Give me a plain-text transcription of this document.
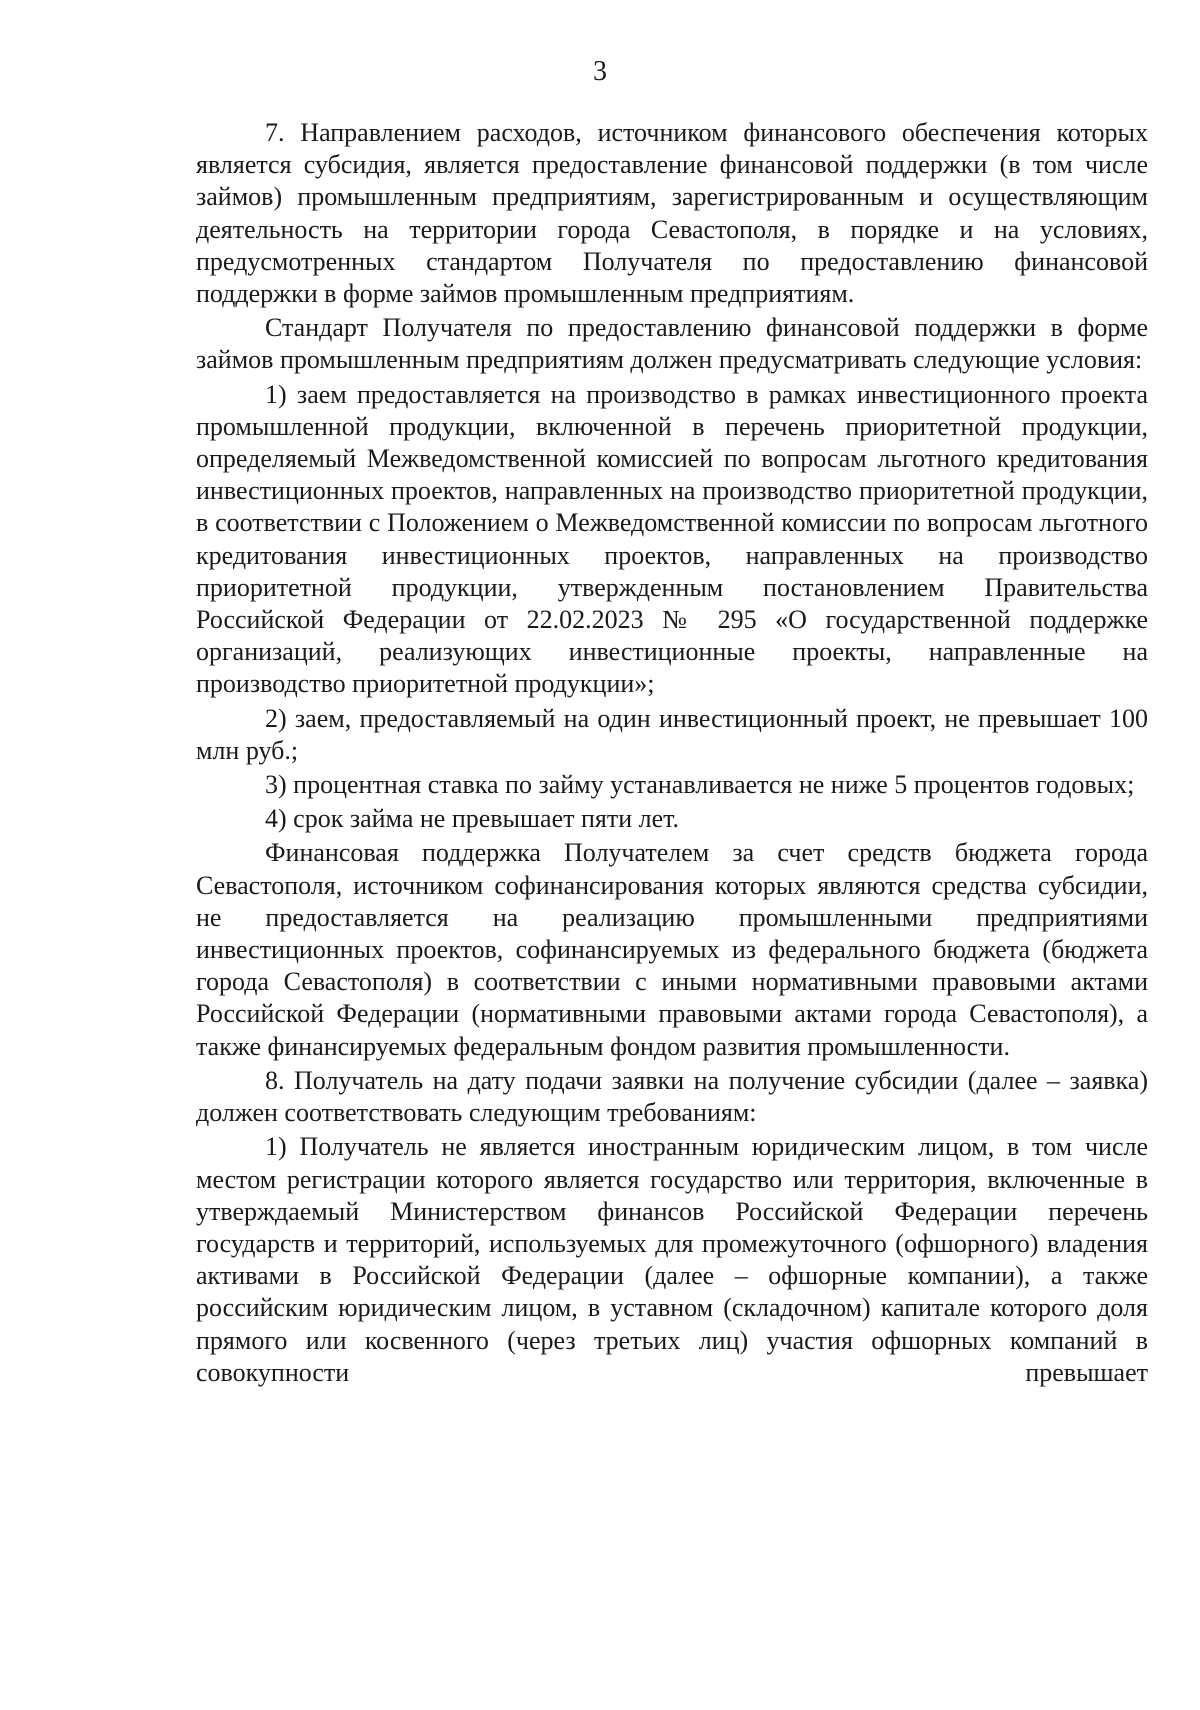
3

7. Направлением расходов, источником финансового обеспечения которых является субсидия, является предоставление финансовой поддержки (в том числе займов) промышленным предприятиям, зарегистрированным и осуществляющим деятельность на территории города Севастополя, в порядке и на условиях, предусмотренных стандартом Получателя по предоставлению финансовой поддержки в форме займов промышленным предприятиям.

Стандарт Получателя по предоставлению финансовой поддержки в форме займов промышленным предприятиям должен предусматривать следующие условия:

1) заем предоставляется на производство в рамках инвестиционного проекта промышленной продукции, включенной в перечень приоритетной продукции, определяемый Межведомственной комиссией по вопросам льготного кредитования инвестиционных проектов, направленных на производство приоритетной продукции, в соответствии с Положением о Межведомственной комиссии по вопросам льготного кредитования инвестиционных проектов, направленных на производство приоритетной продукции, утвержденным постановлением Правительства Российской Федерации от 22.02.2023 № 295 «О государственной поддержке организаций, реализующих инвестиционные проекты, направленные на производство приоритетной продукции»;

2) заем, предоставляемый на один инвестиционный проект, не превышает 100 млн руб.;

3) процентная ставка по займу устанавливается не ниже 5 процентов годовых;

4) срок займа не превышает пяти лет.

Финансовая поддержка Получателем за счет средств бюджета города Севастополя, источником софинансирования которых являются средства субсидии, не предоставляется на реализацию промышленными предприятиями инвестиционных проектов, софинансируемых из федерального бюджета (бюджета города Севастополя) в соответствии с иными нормативными правовыми актами Российской Федерации (нормативными правовыми актами города Севастополя), а также финансируемых федеральным фондом развития промышленности.

8. Получатель на дату подачи заявки на получение субсидии (далее – заявка) должен соответствовать следующим требованиям:

1) Получатель не является иностранным юридическим лицом, в том числе местом регистрации которого является государство или территория, включенные в утверждаемый Министерством финансов Российской Федерации перечень государств и территорий, используемых для промежуточного (офшорного) владения активами в Российской Федерации (далее – офшорные компании), а также российским юридическим лицом, в уставном (складочном) капитале которого доля прямого или косвенного (через третьих лиц) участия офшорных компаний в совокупности превышает
